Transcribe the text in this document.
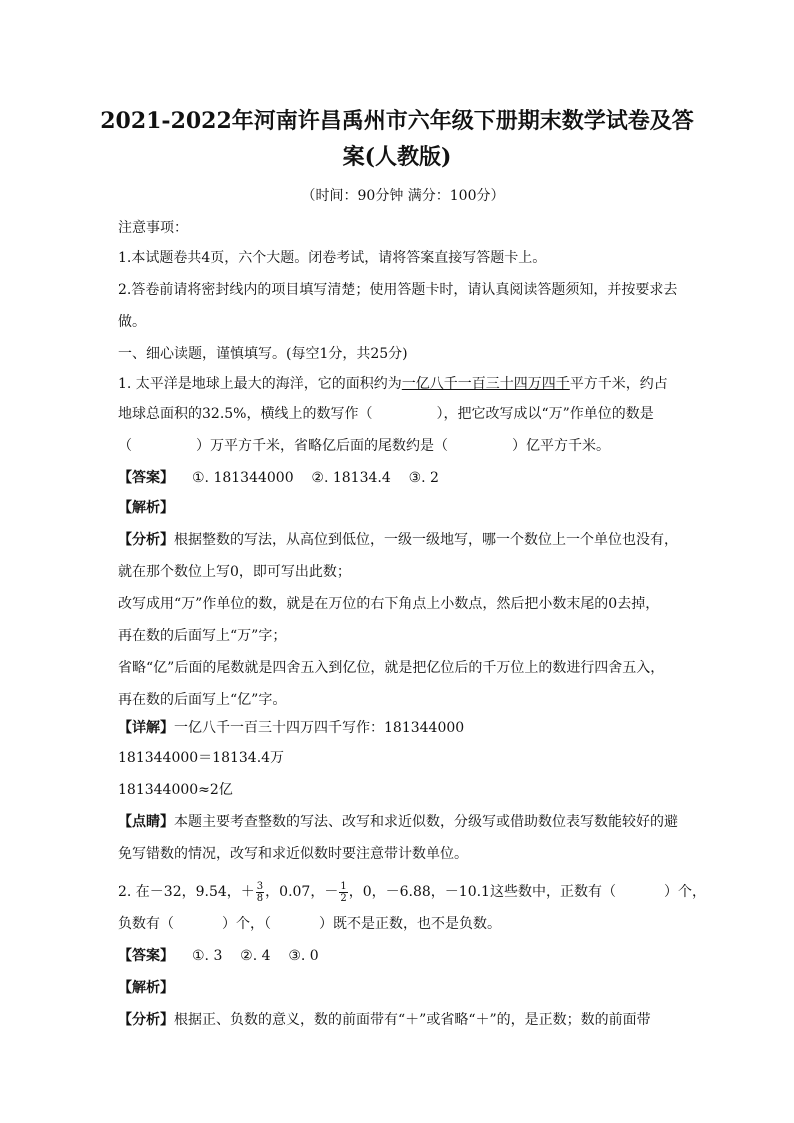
2021-2022年河南许昌禹州市六年级下册期末数学试卷及答
案(人教版)
（时间：90分钟 满分：100分）
注意事项：
1.本试题卷共4页，六个大题。闭卷考试，请将答案直接写答题卡上。
2.答卷前请将密封线内的项目填写清楚；使用答题卡时，请认真阅读答题须知，并按要求去
做。
一、细心读题，谨慎填写。(每空1分，共25分)
1. 太平洋是地球上最大的海洋，它的面积约为一亿八千一百三十四万四千平方千米，约占
地球总面积的32.5%，横线上的数写作（	），把它改写成以“万”作单位的数是
（	）万平方千米，省略亿后面的尾数约是（	）亿平方千米。
【答案】 ①. 181344000    ②. 18134.4    ③. 2
【解析】
【分析】根据整数的写法，从高位到低位，一级一级地写，哪一个数位上一个单位也没有，
就在那个数位上写0，即可写出此数；
改写成用“万”作单位的数，就是在万位的右下角点上小数点，然后把小数末尾的0去掉，
再在数的后面写上“万”字；
省略“亿”后面的尾数就是四舍五入到亿位，就是把亿位后的千万位上的数进行四舍五入，
再在数的后面写上“亿”字。
【详解】一亿八千一百三十四万四千写作：181344000
181344000＝18134.4万
181344000≈2亿
【点睛】本题主要考查整数的写法、改写和求近似数，分级写或借助数位表写数能较好的避
免写错数的情况，改写和求近似数时要注意带计数单位。
2. 在－32，9.54，＋ $\frac{3}{8}$ ，0.07，－ $\frac{1}{2}$ ，0，－6.88，－10.1这些数中，正数有（	）个，
负数有（	）个，（	）既不是正数，也不是负数。
【答案】 ①. 3    ②. 4    ③. 0
【解析】
【分析】根据正、负数的意义，数的前面带有“＋”或省略“＋”的，是正数；数的前面带
